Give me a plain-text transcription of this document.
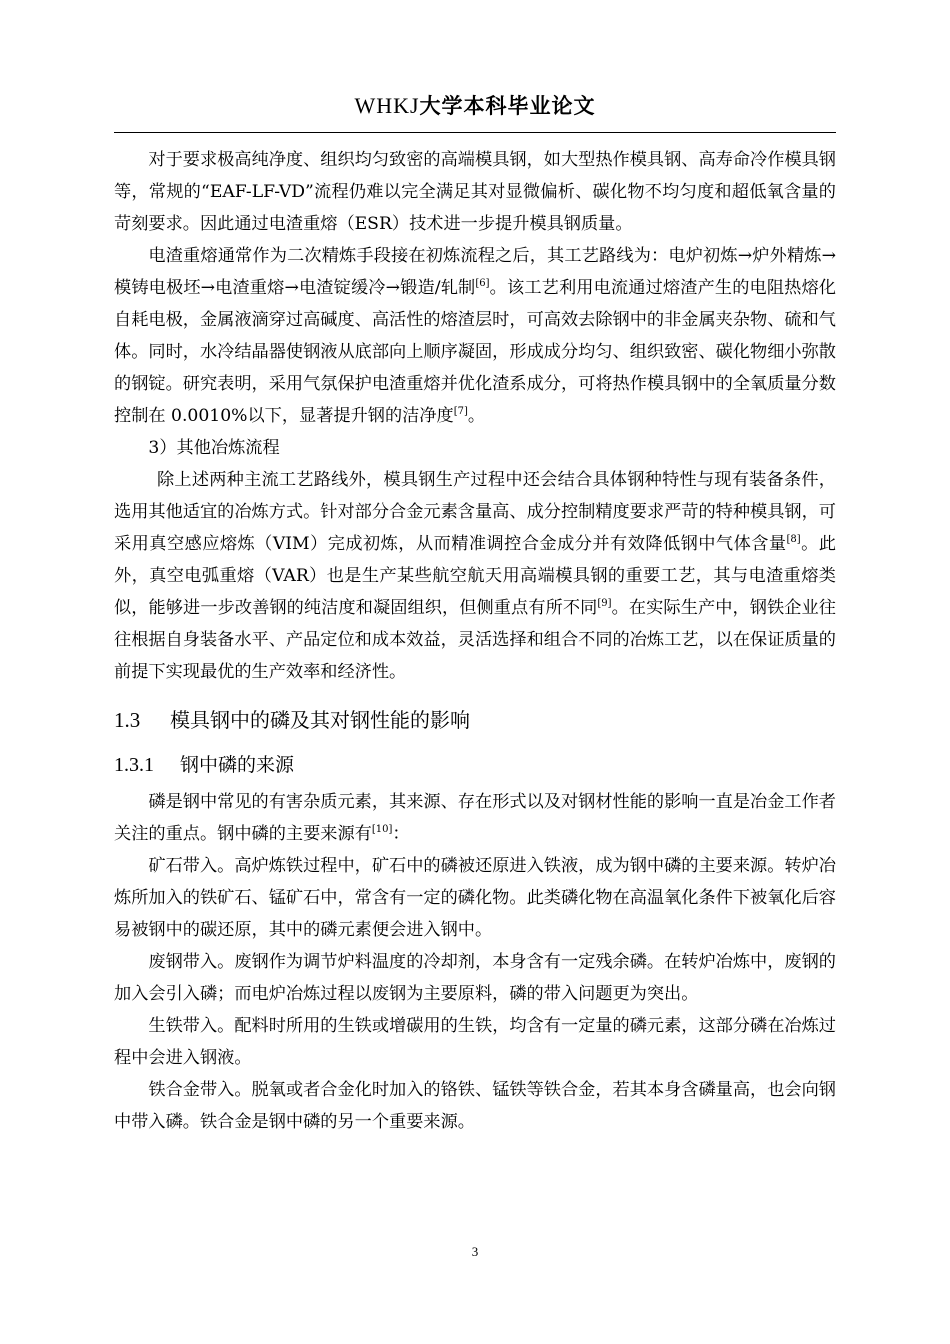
WHKJ大学本科毕业论文

对于要求极高纯净度、组织均匀致密的高端模具钢，如大型热作模具钢、高寿命冷作模具钢等，常规的“EAF-LF-VD”流程仍难以完全满足其对显微偏析、碳化物不均匀度和超低氧含量的苛刻要求。因此通过电渣重熔（ESR）技术进一步提升模具钢质量。

电渣重熔通常作为二次精炼手段接在初炼流程之后，其工艺路线为：电炉初炼→炉外精炼→模铸电极坯→电渣重熔→电渣锭缓冷→锻造/轧制[6]。该工艺利用电流通过熔渣产生的电阻热熔化自耗电极，金属液滴穿过高碱度、高活性的熔渣层时，可高效去除钢中的非金属夹杂物、硫和气体。同时，水冷结晶器使钢液从底部向上顺序凝固，形成成分均匀、组织致密、碳化物细小弥散的钢锭。研究表明，采用气氛保护电渣重熔并优化渣系成分，可将热作模具钢中的全氧质量分数控制在 0.0010%以下，显著提升钢的洁净度[7]。

3）其他冶炼流程

除上述两种主流工艺路线外，模具钢生产过程中还会结合具体钢种特性与现有装备条件，选用其他适宜的冶炼方式。针对部分合金元素含量高、成分控制精度要求严苛的特种模具钢，可采用真空感应熔炼（VIM）完成初炼，从而精准调控合金成分并有效降低钢中气体含量[8]。此外，真空电弧重熔（VAR）也是生产某些航空航天用高端模具钢的重要工艺，其与电渣重熔类似，能够进一步改善钢的纯洁度和凝固组织，但侧重点有所不同[9]。在实际生产中，钢铁企业往往根据自身装备水平、产品定位和成本效益，灵活选择和组合不同的冶炼工艺，以在保证质量的前提下实现最优的生产效率和经济性。

1.3 模具钢中的磷及其对钢性能的影响
1.3.1 钢中磷的来源

磷是钢中常见的有害杂质元素，其来源、存在形式以及对钢材性能的影响一直是冶金工作者关注的重点。钢中磷的主要来源有[10]：

矿石带入。高炉炼铁过程中，矿石中的磷被还原进入铁液，成为钢中磷的主要来源。转炉冶炼所加入的铁矿石、锰矿石中，常含有一定的磷化物。此类磷化物在高温氧化条件下被氧化后容易被钢中的碳还原，其中的磷元素便会进入钢中。

废钢带入。废钢作为调节炉料温度的冷却剂，本身含有一定残余磷。在转炉冶炼中，废钢的加入会引入磷；而电炉冶炼过程以废钢为主要原料，磷的带入问题更为突出。

生铁带入。配料时所用的生铁或增碳用的生铁，均含有一定量的磷元素，这部分磷在冶炼过程中会进入钢液。

铁合金带入。脱氧或者合金化时加入的铬铁、锰铁等铁合金，若其本身含磷量高，也会向钢中带入磷。铁合金是钢中磷的另一个重要来源。

3
